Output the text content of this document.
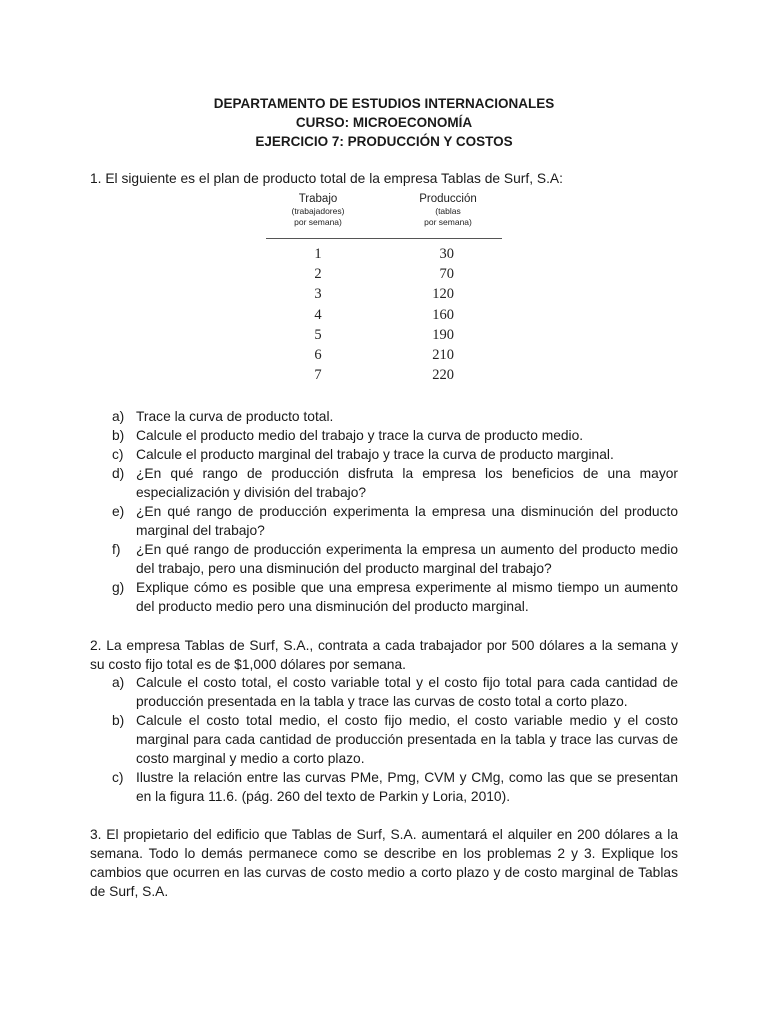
DEPARTAMENTO DE ESTUDIOS INTERNACIONALES
CURSO: MICROECONOMÍA
EJERCICIO 7: PRODUCCIÓN Y COSTOS
1. El siguiente es el plan de producto total de la empresa Tablas de Surf, S.A:
Trabajo
(trabajadores)
por semana)
Producción
(tablas
por semana)
1	30
2	70
3	120
4	160
5	190
6	210
7	220
a) Trace la curva de producto total.
b) Calcule el producto medio del trabajo y trace la curva de producto medio.
c) Calcule el producto marginal del trabajo y trace la curva de producto marginal.
d) ¿En qué rango de producción disfruta la empresa los beneficios de una mayor especialización y división del trabajo?
e) ¿En qué rango de producción experimenta la empresa una disminución del producto marginal del trabajo?
f) ¿En qué rango de producción experimenta la empresa un aumento del producto medio del trabajo, pero una disminución del producto marginal del trabajo?
g) Explique cómo es posible que una empresa experimente al mismo tiempo un aumento del producto medio pero una disminución del producto marginal.
2. La empresa Tablas de Surf, S.A., contrata a cada trabajador por 500 dólares a la semana y su costo fijo total es de $1,000 dólares por semana.
a) Calcule el costo total, el costo variable total y el costo fijo total para cada cantidad de producción presentada en la tabla y trace las curvas de costo total a corto plazo.
b) Calcule el costo total medio, el costo fijo medio, el costo variable medio y el costo marginal para cada cantidad de producción presentada en la tabla y trace las curvas de costo marginal y medio a corto plazo.
c) Ilustre la relación entre las curvas PMe, Pmg, CVM y CMg, como las que se presentan en la figura 11.6. (pág. 260 del texto de Parkin y Loria, 2010).
3. El propietario del edificio que Tablas de Surf, S.A. aumentará el alquiler en 200 dólares a la semana. Todo lo demás permanece como se describe en los problemas 2 y 3. Explique los cambios que ocurren en las curvas de costo medio a corto plazo y de costo marginal de Tablas de Surf, S.A.
